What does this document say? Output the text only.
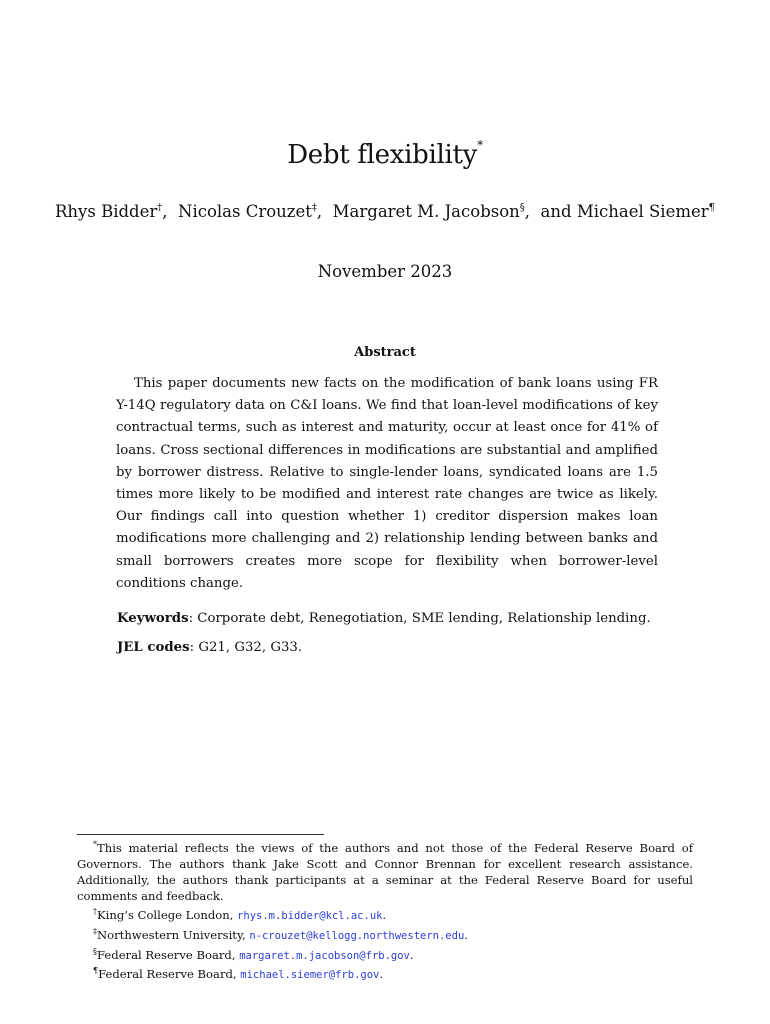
Debt flexibility*
Rhys Bidder†, Nicolas Crouzet‡, Margaret M. Jacobson§, and Michael Siemer¶
November 2023
Abstract
This paper documents new facts on the modification of bank loans using FR Y-14Q regulatory data on C&I loans. We find that loan-level modifications of key contractual terms, such as interest and maturity, occur at least once for 41% of loans. Cross sectional differences in modifications are substantial and amplified by borrower distress. Relative to single-lender loans, syndicated loans are 1.5 times more likely to be modified and interest rate changes are twice as likely. Our findings call into question whether 1) creditor dispersion makes loan modifications more challenging and 2) relationship lending between banks and small borrowers creates more scope for flexibility when borrower-level conditions change.
Keywords: Corporate debt, Renegotiation, SME lending, Relationship lending.
JEL codes: G21, G32, G33.

*This material reflects the views of the authors and not those of the Federal Reserve Board of Governors. The authors thank Jake Scott and Connor Brennan for excellent research assistance. Additionally, the authors thank participants at a seminar at the Federal Reserve Board for useful comments and feedback.

†King’s College London, rhys.m.bidder@kcl.ac.uk.

‡Northwestern University, n-crouzet@kellogg.northwestern.edu.

§Federal Reserve Board, margaret.m.jacobson@frb.gov.

¶Federal Reserve Board, michael.siemer@frb.gov.
